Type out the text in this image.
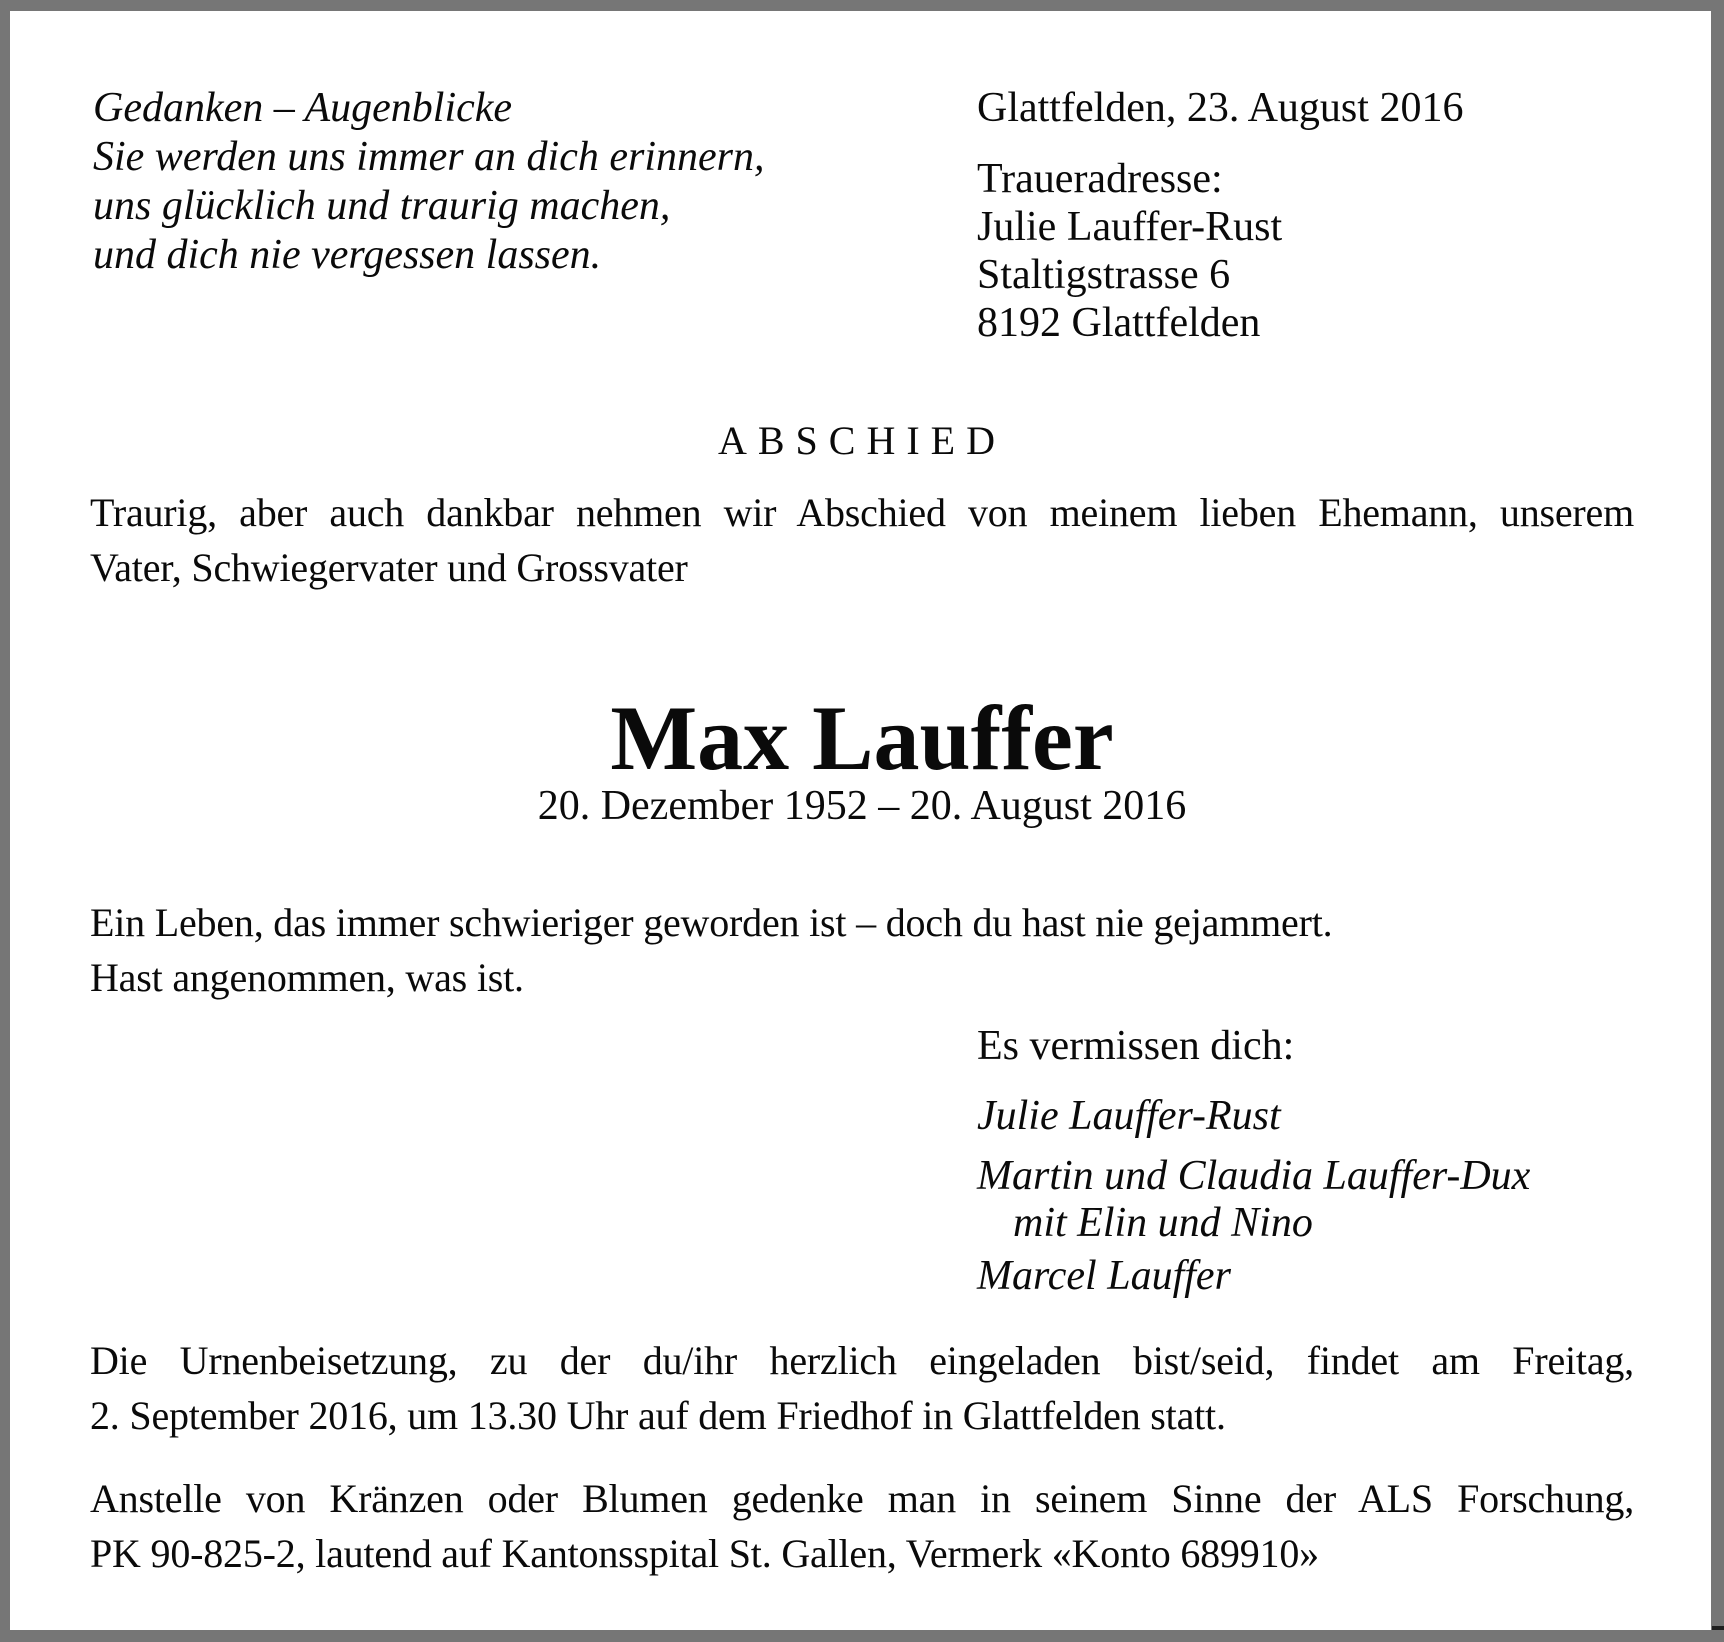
Gedanken – Augenblicke
Sie werden uns immer an dich erinnern,
uns glücklich und traurig machen,
und dich nie vergessen lassen.
Glattfelden, 23. August 2016
Traueradresse:
Julie Lauffer-Rust
Staltigstrasse 6
8192 Glattfelden
ABSCHIED
Traurig, aber auch dankbar nehmen wir Abschied von meinem lieben Ehemann, unserem
Vater, Schwiegervater und Grossvater
Max Lauffer
20. Dezember 1952 – 20. August 2016
Ein Leben, das immer schwieriger geworden ist – doch du hast nie gejammert.
Hast angenommen, was ist.
Es vermissen dich:
Julie Lauffer-Rust
Martin und Claudia Lauffer-Dux
mit Elin und Nino
Marcel Lauffer
Die Urnenbeisetzung, zu der du/ihr herzlich eingeladen bist/seid, findet am Freitag,
2. September 2016, um 13.30 Uhr auf dem Friedhof in Glattfelden statt.
Anstelle von Kränzen oder Blumen gedenke man in seinem Sinne der ALS Forschung,
PK 90-825-2, lautend auf Kantonsspital St. Gallen, Vermerk «Konto 689910»
